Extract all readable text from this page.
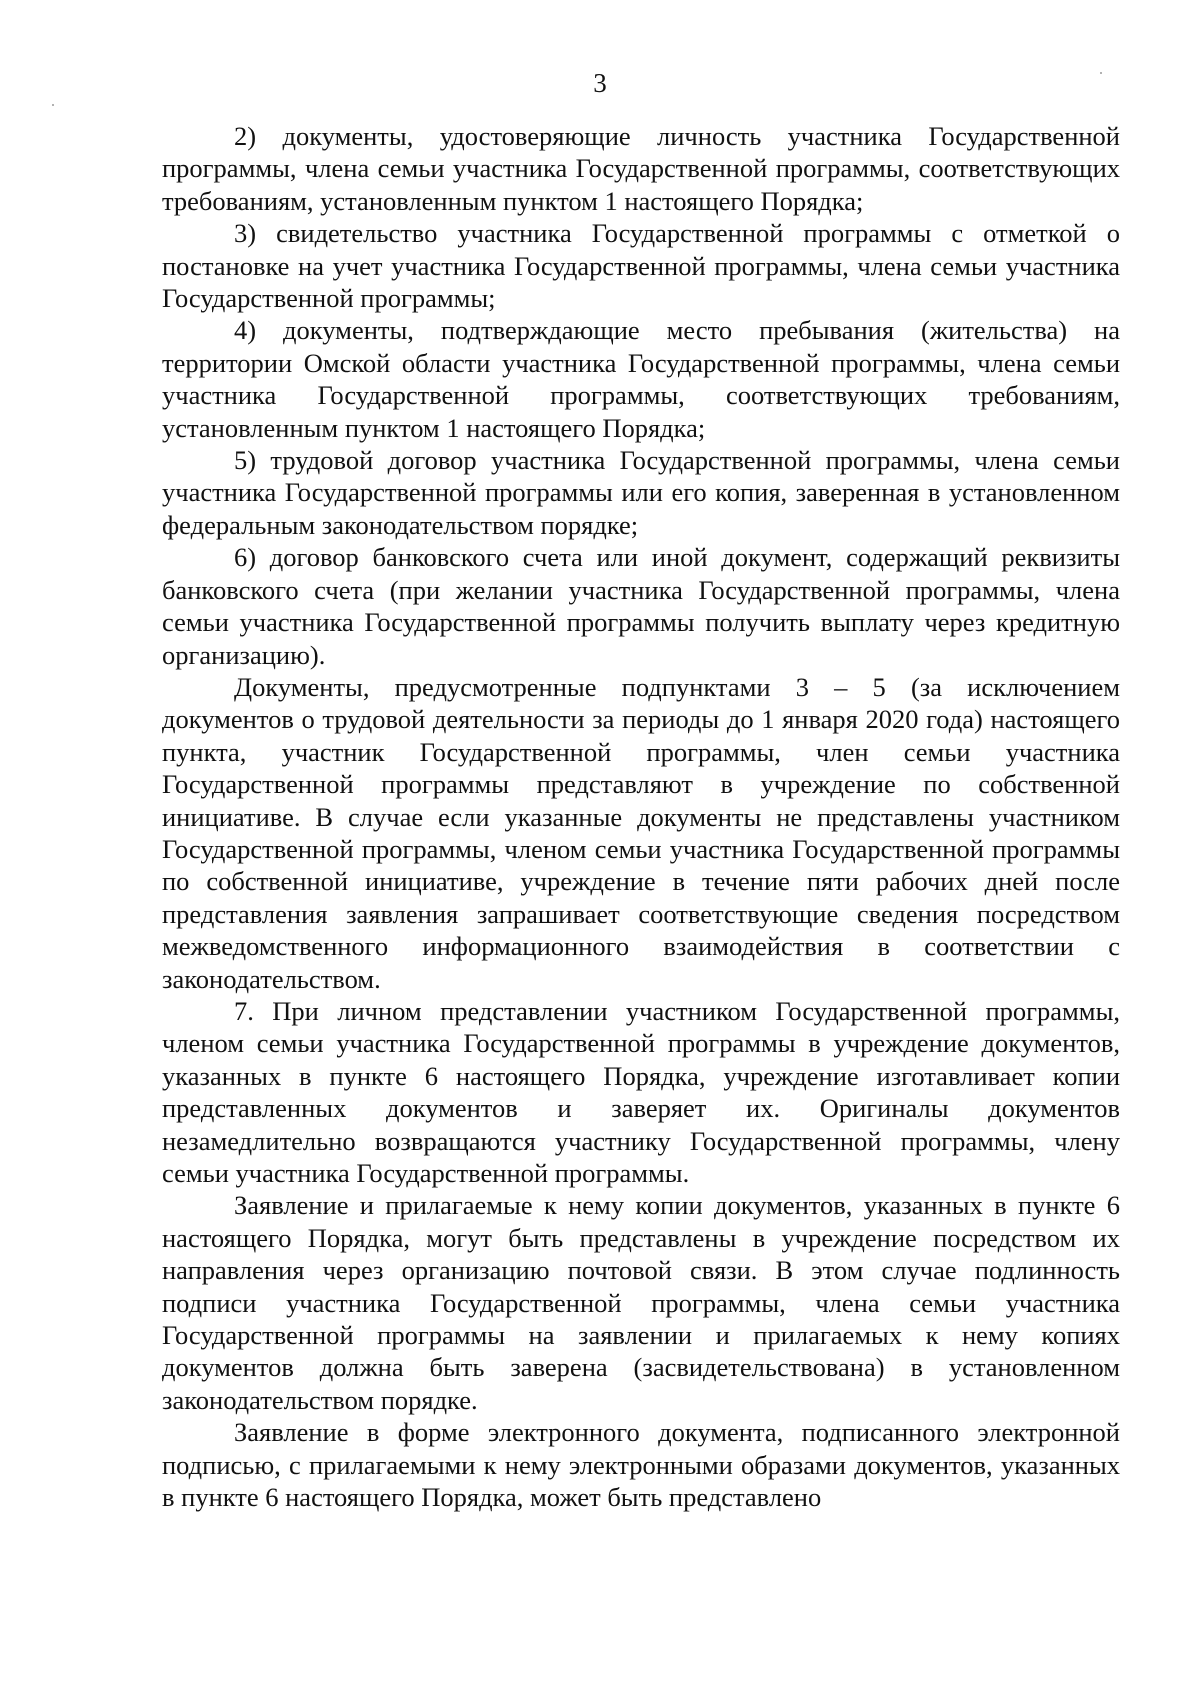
3

2) документы, удостоверяющие личность участника Государственной программы, члена семьи участника Государственной программы, соответствующих требованиям, установленным пунктом 1 настоящего Порядка;

3) свидетельство участника Государственной программы с отметкой о постановке на учет участника Государственной программы, члена семьи участника Государственной программы;

4) документы, подтверждающие место пребывания (жительства) на территории Омской области участника Государственной программы, члена семьи участника Государственной программы, соответствующих требованиям, установленным пунктом 1 настоящего Порядка;

5) трудовой договор участника Государственной программы, члена семьи участника Государственной программы или его копия, заверенная в установленном федеральным законодательством порядке;

6) договор банковского счета или иной документ, содержащий реквизиты банковского счета (при желании участника Государственной программы, члена семьи участника Государственной программы получить выплату через кредитную организацию).

Документы, предусмотренные подпунктами 3 – 5 (за исключением документов о трудовой деятельности за периоды до 1 января 2020 года) настоящего пункта, участник Государственной программы, член семьи участника Государственной программы представляют в учреждение по собственной инициативе. В случае если указанные документы не представлены участником Государственной программы, членом семьи участника Государственной программы по собственной инициативе, учреждение в течение пяти рабочих дней после представления заявления запрашивает соответствующие сведения посредством межведомственного информационного взаимодействия в соответствии с законодательством.

7. При личном представлении участником Государственной программы, членом семьи участника Государственной программы в учреждение документов, указанных в пункте 6 настоящего Порядка, учреждение изготавливает копии представленных документов и заверяет их. Оригиналы документов незамедлительно возвращаются участнику Государственной программы, члену семьи участника Государственной программы.

Заявление и прилагаемые к нему копии документов, указанных в пункте 6 настоящего Порядка, могут быть представлены в учреждение посредством их направления через организацию почтовой связи. В этом случае подлинность подписи участника Государственной программы, члена семьи участника Государственной программы на заявлении и прилагаемых к нему копиях документов должна быть заверена (засвидетельствована) в установленном законодательством порядке.

Заявление в форме электронного документа, подписанного электронной подписью, с прилагаемыми к нему электронными образами документов, указанных в пункте 6 настоящего Порядка, может быть представлено
